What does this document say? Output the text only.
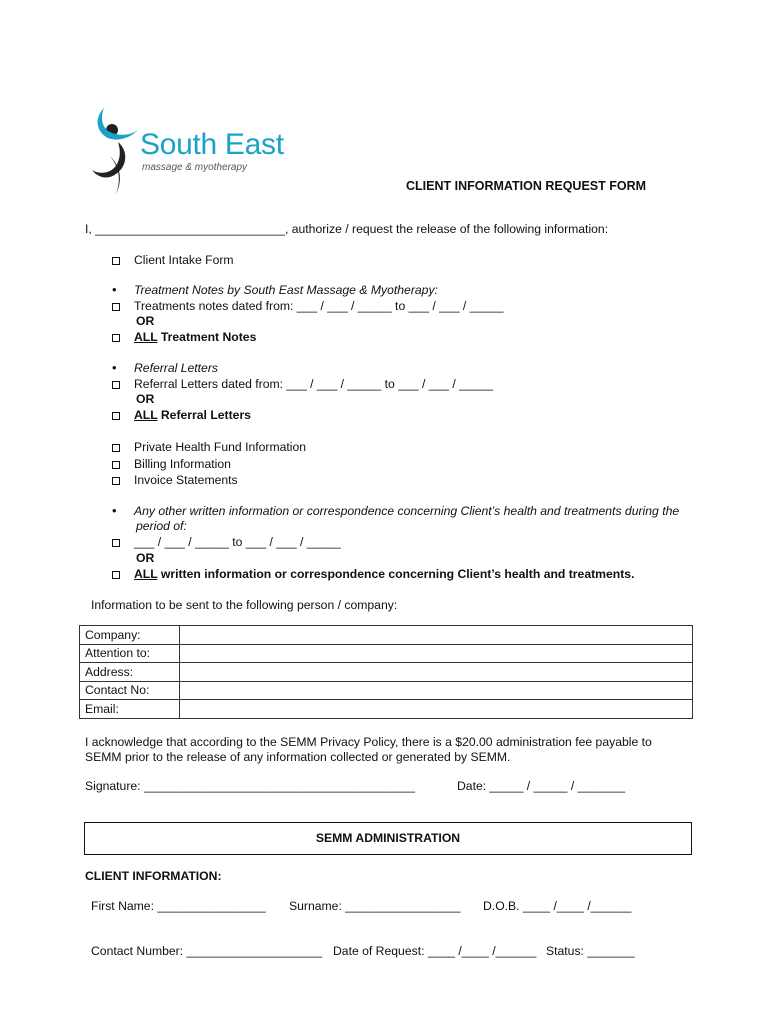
South East
massage & myotherapy
CLIENT INFORMATION REQUEST FORM
I, ____________________________, authorize / request the release of the following information:
Client Intake Form
• Treatment Notes by South East Massage & Myotherapy:
Treatments notes dated from: ___ / ___ / _____ to ___ / ___ / _____
OR
ALL Treatment Notes
• Referral Letters
Referral Letters dated from: ___ / ___ / _____ to ___ / ___ / _____
OR
ALL Referral Letters
Private Health Fund Information
Billing Information
Invoice Statements
• Any other written information or correspondence concerning Client’s health and treatments during the
period of:
___ / ___ / _____ to ___ / ___ / _____
OR
ALL written information or correspondence concerning Client’s health and treatments.
Information to be sent to the following person / company:
Company:	
Attention to:	
Address:	
Contact No:	
Email:	
I acknowledge that according to the SEMM Privacy Policy, there is a $20.00 administration fee payable to
SEMM prior to the release of any information collected or generated by SEMM.
Signature: ________________________________________	Date: _____ / _____ / _______
SEMM ADMINISTRATION
CLIENT INFORMATION:
First Name: ________________ Surname: _________________ D.O.B. ____ /____ /______
Contact Number: ____________________ Date of Request: ____ /____ /______ Status: _______
